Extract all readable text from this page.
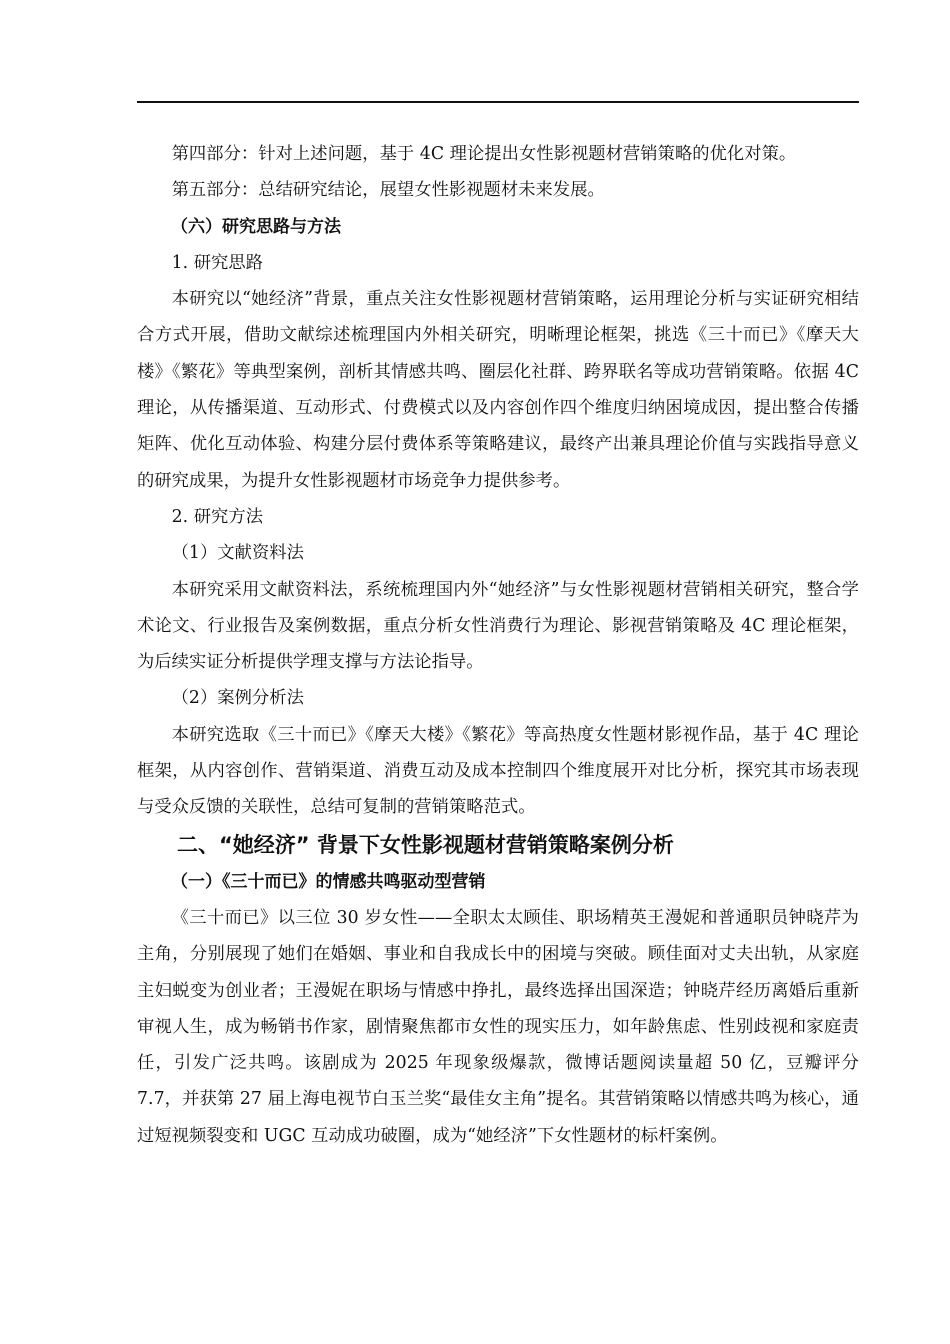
第四部分：针对上述问题，基于 4C 理论提出女性影视题材营销策略的优化对策。

第五部分：总结研究结论，展望女性影视题材未来发展。

（六）研究思路与方法

1. 研究思路

本研究以“她经济”背景，重点关注女性影视题材营销策略，运用理论分析与实证研究相结合方式开展，借助文献综述梳理国内外相关研究，明晰理论框架，挑选《三十而已》《摩天大楼》《繁花》等典型案例，剖析其情感共鸣、圈层化社群、跨界联名等成功营销策略。依据 4C 理论，从传播渠道、互动形式、付费模式以及内容创作四个维度归纳困境成因，提出整合传播矩阵、优化互动体验、构建分层付费体系等策略建议，最终产出兼具理论价值与实践指导意义的研究成果，为提升女性影视题材市场竞争力提供参考。

2. 研究方法

（1）文献资料法

本研究采用文献资料法，系统梳理国内外“她经济”与女性影视题材营销相关研究，整合学术论文、行业报告及案例数据，重点分析女性消费行为理论、影视营销策略及 4C 理论框架，为后续实证分析提供学理支撑与方法论指导。

（2）案例分析法

本研究选取《三十而已》《摩天大楼》《繁花》等高热度女性题材影视作品，基于 4C 理论框架，从内容创作、营销渠道、消费互动及成本控制四个维度展开对比分析，探究其市场表现与受众反馈的关联性，总结可复制的营销策略范式。

二、“她经济” 背景下女性影视题材营销策略案例分析

（一）《三十而已》的情感共鸣驱动型营销

《三十而已》以三位 30 岁女性——全职太太顾佳、职场精英王漫妮和普通职员钟晓芹为主角，分别展现了她们在婚姻、事业和自我成长中的困境与突破。顾佳面对丈夫出轨，从家庭主妇蜕变为创业者；王漫妮在职场与情感中挣扎，最终选择出国深造；钟晓芹经历离婚后重新审视人生，成为畅销书作家，剧情聚焦都市女性的现实压力，如年龄焦虑、性别歧视和家庭责任，引发广泛共鸣。该剧成为 2025 年现象级爆款，微博话题阅读量超 50 亿，豆瓣评分 7.7，并获第 27 届上海电视节白玉兰奖“最佳女主角”提名。其营销策略以情感共鸣为核心，通过短视频裂变和 UGC 互动成功破圈，成为“她经济”下女性题材的标杆案例。
